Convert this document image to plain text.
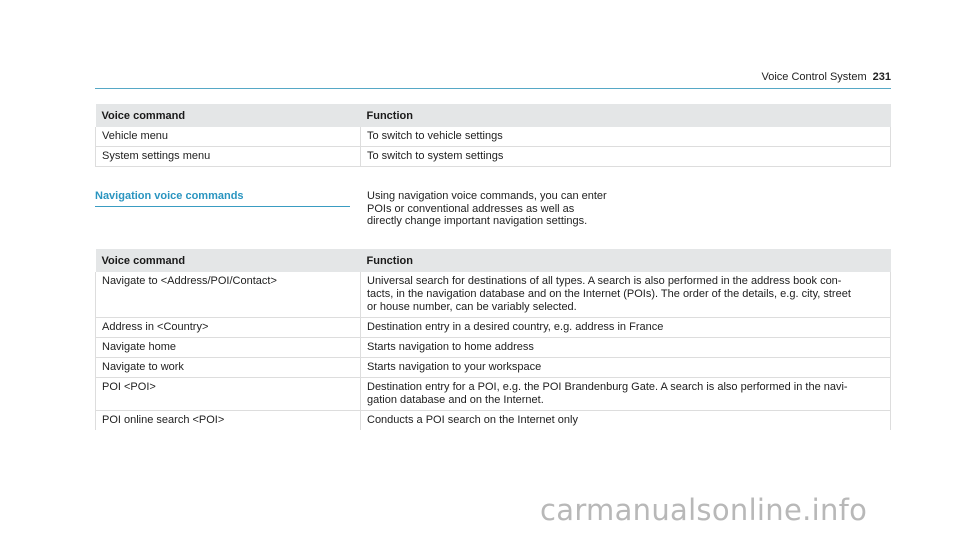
Voice Control System 231
Voice command	Function
Vehicle menu	To switch to vehicle settings
System settings menu	To switch to system settings
Navigation voice commands	Using navigation voice commands, you can enter
POIs or conventional addresses as well as
directly change important navigation settings.
Voice command	Function
Navigate to <Address/POI/Contact>	Universal search for destinations of all types. A search is also performed in the address book con-
tacts, in the navigation database and on the Internet (POIs). The order of the details, e.g. city, street
or house number, can be variably selected.

Address in <Country>	Destination entry in a desired country, e.g. address in France

Navigate home	Starts navigation to home address

Navigate to work	Starts navigation to your workspace

POI <POI>	Destination entry for a POI, e.g. the POI Brandenburg Gate. A search is also performed in the navi-
gation database and on the Internet.

POI online search <POI>	Conducts a POI search on the Internet only
carmanualsonline.info
